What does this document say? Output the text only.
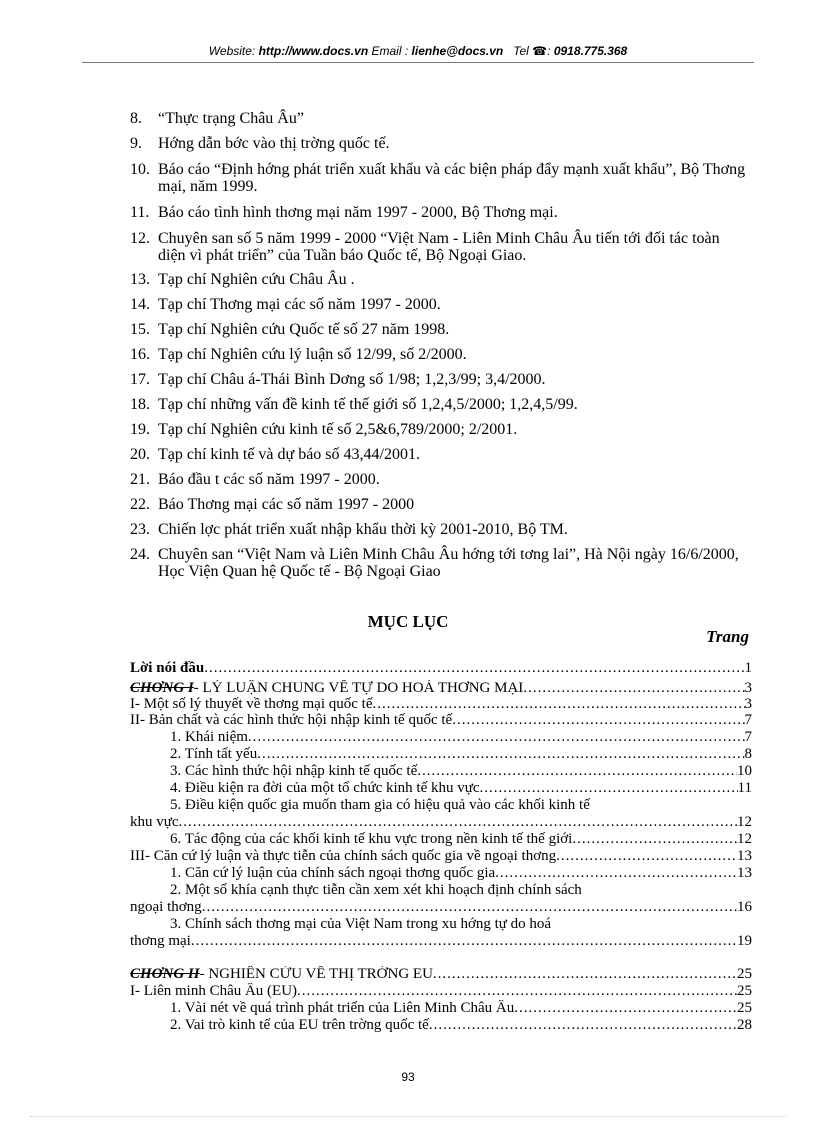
Website: http://www.docs.vn Email : lienhe@docs.vn Tel ☎: 0918.775.368
8. “Thực trạng Châu Âu”
9. Hớng dẫn bớc vào thị trờng quốc tế.
10. Báo cáo “Định hớng phát triển xuất khẩu và các biện pháp đẩy mạnh xuất khẩu”, Bộ Thơng mại, năm 1999.
11. Báo cáo tình hình thơng mại năm 1997 - 2000, Bộ Thơng mại.
12. Chuyên san số 5 năm 1999 - 2000 “Việt Nam - Liên Minh Châu Âu tiến tới đối tác toàn diện vì phát triển” của Tuần báo Quốc tế, Bộ Ngoại Giao.
13. Tạp chí Nghiên cứu Châu Âu .
14. Tạp chí Thơng mại các số năm 1997 - 2000.
15. Tạp chí Nghiên cứu Quốc tế số 27 năm 1998.
16. Tạp chí Nghiên cứu lý luận số 12/99, số 2/2000.
17. Tạp chí Châu á-Thái Bình Dơng số 1/98; 1,2,3/99; 3,4/2000.
18. Tạp chí những vấn đề kinh tế thế giới số 1,2,4,5/2000; 1,2,4,5/99.
19. Tạp chí Nghiên cứu kinh tế số 2,5&6,789/2000; 2/2001.
20. Tạp chí kinh tế và dự báo số 43,44/2001.
21. Báo đầu t các số năm 1997 - 2000.
22. Báo Thơng mại các số năm 1997 - 2000
23. Chiến lợc phát triển xuất nhập khẩu thời kỳ 2001-2010, Bộ TM.
24. Chuyên san “Việt Nam và Liên Minh Châu Âu hớng tới tơng lai”, Hà Nội ngày 16/6/2000, Học Viện Quan hệ Quốc tế - Bộ Ngoại Giao
MỤC LỤC
Trang
Lời nói đầu .....	1
CHƠNG I - LÝ LUẬN CHUNG VỀ TỰ DO HOÁ THƠNG MẠI .....	3
I- Một số lý thuyết về thơng mại quốc tế .....	3
II- Bản chất và các hình thức hội nhập kinh tế quốc tế .....	7
1. Khái niệm .....	7
2. Tính tất yếu .....	8
3. Các hình thức hội nhập kinh tế quốc tế .....	10
4. Điều kiện ra đời của một tổ chức kinh tế khu vực .....	11
5. Điều kiện quốc gia muốn tham gia có hiệu quả vào các khối kinh tế
khu vực .....	12
6. Tác động của các khối kinh tế khu vực trong nền kinh tế thế giới .....	12
III- Căn cứ lý luận và thực tiễn của chính sách quốc gia về ngoại thơng .....	13
1. Căn cứ lý luận của chính sách ngoại thơng quốc gia .....	13
2. Một số khía cạnh thực tiễn cần xem xét khi hoạch định chính sách
ngoại thơng .....	16
3. Chính sách thơng mại của Việt Nam trong xu hớng tự do hoá
thơng mại .....	19
CHƠNG II - NGHIÊN CỨU VỀ THỊ TRỜNG EU .....	25
I- Liên minh Châu Âu (EU) .....	25
1. Vài nét về quá trình phát triển của Liên Minh Châu Âu .....	25
2. Vai trò kinh tế của EU trên trờng quốc tế .....	28
93
